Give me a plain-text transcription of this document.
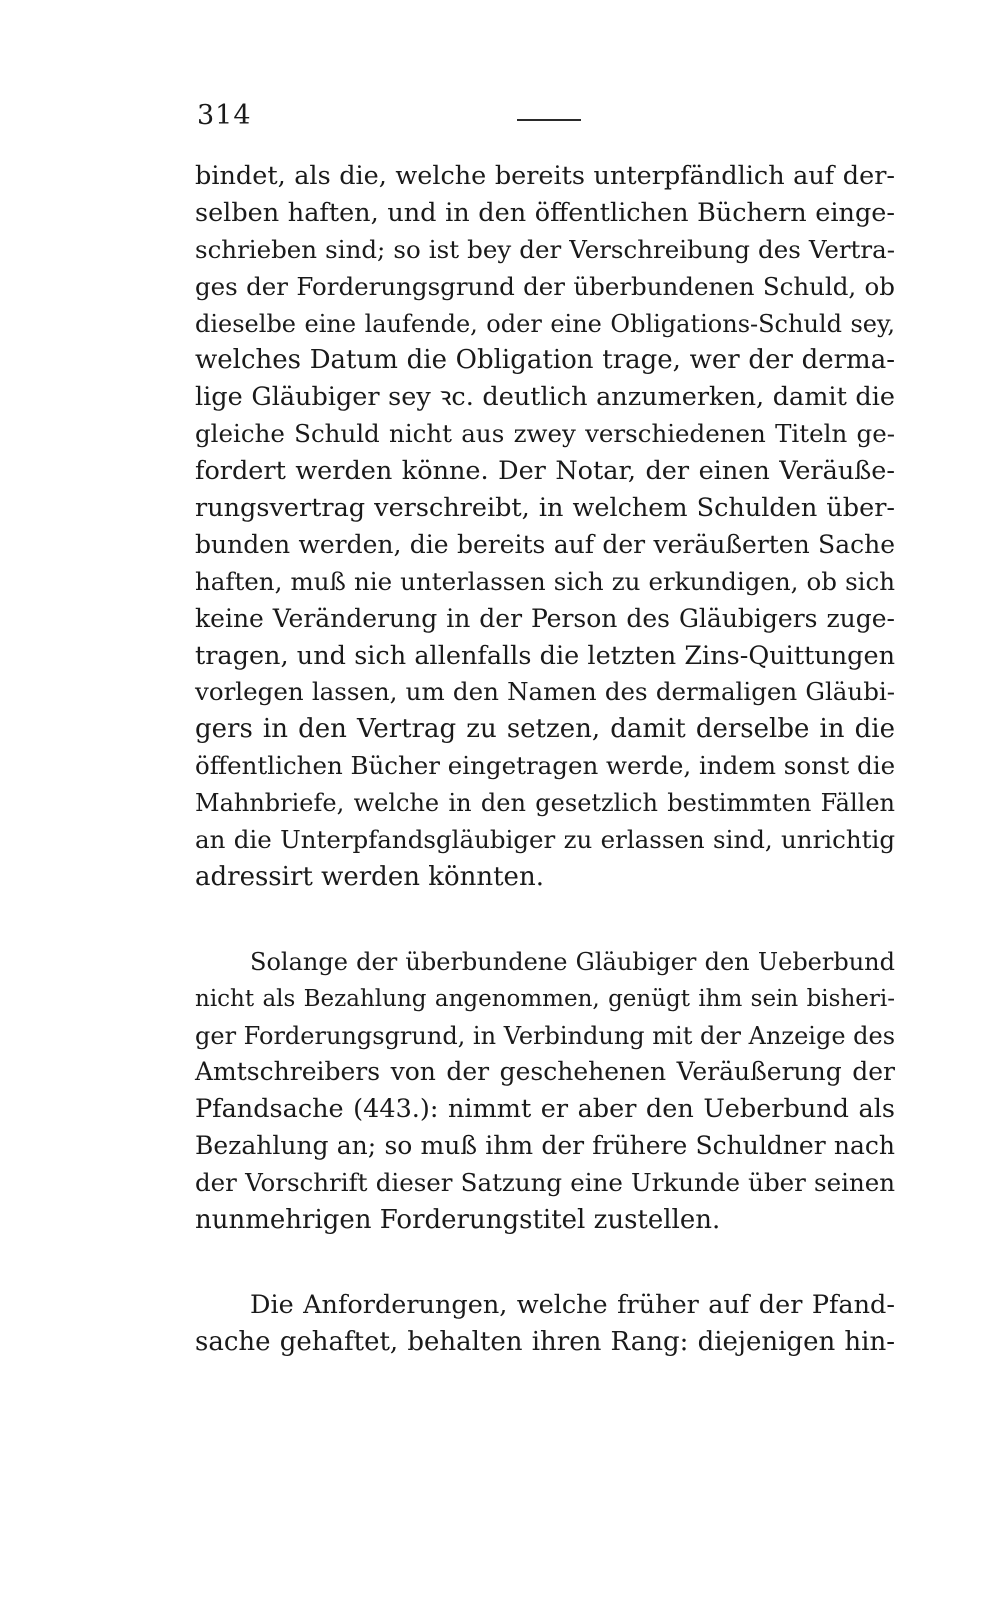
314

bindet, als die, welche bereits unterpfändlich auf der-
selben haften, und in den öffentlichen Büchern einge-
schrieben sind; so ist bey der Verschreibung des Vertra-
ges der Forderungsgrund der überbundenen Schuld, ob
dieselbe eine laufende, oder eine Obligations-Schuld sey,
welches Datum die Obligation trage, wer der derma-
lige Gläubiger sey ꝛc. deutlich anzumerken, damit die
gleiche Schuld nicht aus zwey verschiedenen Titeln ge-
fordert werden könne. Der Notar, der einen Veräuße-
rungsvertrag verschreibt, in welchem Schulden über-
bunden werden, die bereits auf der veräußerten Sache
haften, muß nie unterlassen sich zu erkundigen, ob sich
keine Veränderung in der Person des Gläubigers zuge-
tragen, und sich allenfalls die letzten Zins-Quittungen
vorlegen lassen, um den Namen des dermaligen Gläubi-
gers in den Vertrag zu setzen, damit derselbe in die
öffentlichen Bücher eingetragen werde, indem sonst die
Mahnbriefe, welche in den gesetzlich bestimmten Fällen
an die Unterpfandsgläubiger zu erlassen sind, unrichtig
adressirt werden könnten.

Solange der überbundene Gläubiger den Ueberbund
nicht als Bezahlung angenommen, genügt ihm sein bisheri-
ger Forderungsgrund, in Verbindung mit der Anzeige des
Amtschreibers von der geschehenen Veräußerung der
Pfandsache (443.): nimmt er aber den Ueberbund als
Bezahlung an; so muß ihm der frühere Schuldner nach
der Vorschrift dieser Satzung eine Urkunde über seinen
nunmehrigen Forderungstitel zustellen.

Die Anforderungen, welche früher auf der Pfand-
sache gehaftet, behalten ihren Rang: diejenigen hin-
